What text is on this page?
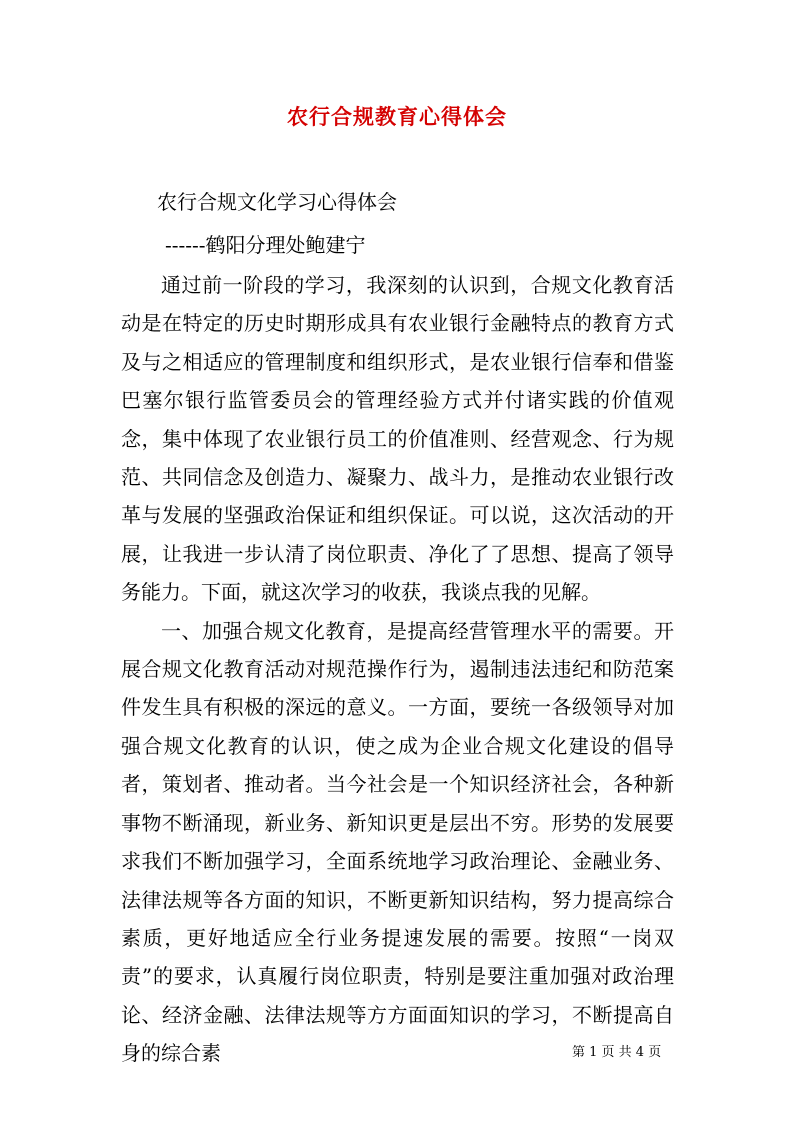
农行合规教育心得体会
农行合规文化学习心得体会
------鹤阳分理处鲍建宁

通过前一阶段的学习，我深刻的认识到，合规文化教育活动是在特定的历史时期形成具有农业银行金融特点的教育方式及与之相适应的管理制度和组织形式，是农业银行信奉和借鉴巴塞尔银行监管委员会的管理经验方式并付诸实践的价值观念，集中体现了农业银行员工的价值准则、经营观念、行为规范、共同信念及创造力、凝聚力、战斗力，是推动农业银行改革与发展的坚强政治保证和组织保证。可以说，这次活动的开展，让我进一步认清了岗位职责、净化了了思想、提高了领导务能力。下面，就这次学习的收获，我谈点我的见解。

一、加强合规文化教育，是提高经营管理水平的需要。开展合规文化教育活动对规范操作行为，遏制违法违纪和防范案件发生具有积极的深远的意义。一方面，要统一各级领导对加强合规文化教育的认识，使之成为企业合规文化建设的倡导者，策划者、推动者。当今社会是一个知识经济社会，各种新事物不断涌现，新业务、新知识更是层出不穷。形势的发展要求我们不断加强学习，全面系统地学习政治理论、金融业务、法律法规等各方面的知识，不断更新知识结构，努力提高综合素质，更好地适应全行业务提速发展的需要。按照“一岗双责”的要求，认真履行岗位职责，特别是要注重加强对政治理论、经济金融、法律法规等方方面面知识的学习，不断提高自身的综合素	第 1 页 共 4 页
